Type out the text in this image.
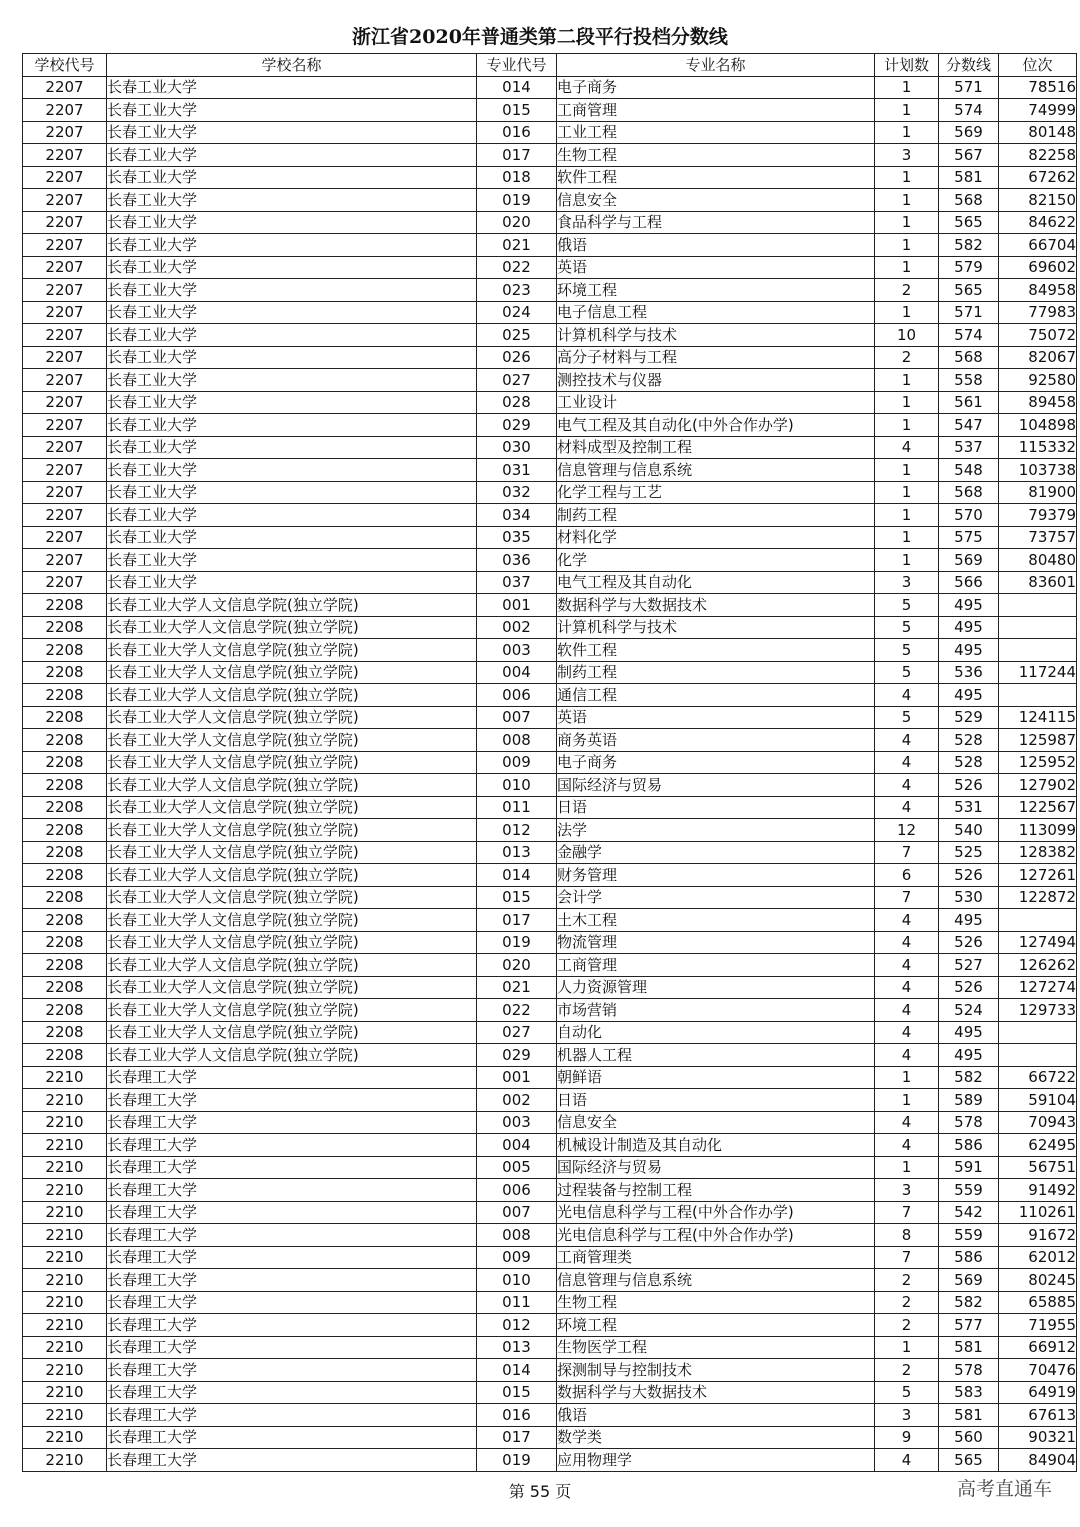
浙江省2020年普通类第二段平行投档分数线
学校代号	学校名称	专业代号	专业名称	计划数	分数线	位次
2207	长春工业大学	014	电子商务	1	571	78516
2207	长春工业大学	015	工商管理	1	574	74999
2207	长春工业大学	016	工业工程	1	569	80148
2207	长春工业大学	017	生物工程	3	567	82258
2207	长春工业大学	018	软件工程	1	581	67262
2207	长春工业大学	019	信息安全	1	568	82150
2207	长春工业大学	020	食品科学与工程	1	565	84622
2207	长春工业大学	021	俄语	1	582	66704
2207	长春工业大学	022	英语	1	579	69602
2207	长春工业大学	023	环境工程	2	565	84958
2207	长春工业大学	024	电子信息工程	1	571	77983
2207	长春工业大学	025	计算机科学与技术	10	574	75072
2207	长春工业大学	026	高分子材料与工程	2	568	82067
2207	长春工业大学	027	测控技术与仪器	1	558	92580
2207	长春工业大学	028	工业设计	1	561	89458
2207	长春工业大学	029	电气工程及其自动化(中外合作办学)	1	547	104898
2207	长春工业大学	030	材料成型及控制工程	4	537	115332
2207	长春工业大学	031	信息管理与信息系统	1	548	103738
2207	长春工业大学	032	化学工程与工艺	1	568	81900
2207	长春工业大学	034	制药工程	1	570	79379
2207	长春工业大学	035	材料化学	1	575	73757
2207	长春工业大学	036	化学	1	569	80480
2207	长春工业大学	037	电气工程及其自动化	3	566	83601
2208	长春工业大学人文信息学院(独立学院)	001	数据科学与大数据技术	5	495	
2208	长春工业大学人文信息学院(独立学院)	002	计算机科学与技术	5	495	
2208	长春工业大学人文信息学院(独立学院)	003	软件工程	5	495	
2208	长春工业大学人文信息学院(独立学院)	004	制药工程	5	536	117244
2208	长春工业大学人文信息学院(独立学院)	006	通信工程	4	495	
2208	长春工业大学人文信息学院(独立学院)	007	英语	5	529	124115
2208	长春工业大学人文信息学院(独立学院)	008	商务英语	4	528	125987
2208	长春工业大学人文信息学院(独立学院)	009	电子商务	4	528	125952
2208	长春工业大学人文信息学院(独立学院)	010	国际经济与贸易	4	526	127902
2208	长春工业大学人文信息学院(独立学院)	011	日语	4	531	122567
2208	长春工业大学人文信息学院(独立学院)	012	法学	12	540	113099
2208	长春工业大学人文信息学院(独立学院)	013	金融学	7	525	128382
2208	长春工业大学人文信息学院(独立学院)	014	财务管理	6	526	127261
2208	长春工业大学人文信息学院(独立学院)	015	会计学	7	530	122872
2208	长春工业大学人文信息学院(独立学院)	017	土木工程	4	495	
2208	长春工业大学人文信息学院(独立学院)	019	物流管理	4	526	127494
2208	长春工业大学人文信息学院(独立学院)	020	工商管理	4	527	126262
2208	长春工业大学人文信息学院(独立学院)	021	人力资源管理	4	526	127274
2208	长春工业大学人文信息学院(独立学院)	022	市场营销	4	524	129733
2208	长春工业大学人文信息学院(独立学院)	027	自动化	4	495	
2208	长春工业大学人文信息学院(独立学院)	029	机器人工程	4	495	
2210	长春理工大学	001	朝鲜语	1	582	66722
2210	长春理工大学	002	日语	1	589	59104
2210	长春理工大学	003	信息安全	4	578	70943
2210	长春理工大学	004	机械设计制造及其自动化	4	586	62495
2210	长春理工大学	005	国际经济与贸易	1	591	56751
2210	长春理工大学	006	过程装备与控制工程	3	559	91492
2210	长春理工大学	007	光电信息科学与工程(中外合作办学)	7	542	110261
2210	长春理工大学	008	光电信息科学与工程(中外合作办学)	8	559	91672
2210	长春理工大学	009	工商管理类	7	586	62012
2210	长春理工大学	010	信息管理与信息系统	2	569	80245
2210	长春理工大学	011	生物工程	2	582	65885
2210	长春理工大学	012	环境工程	2	577	71955
2210	长春理工大学	013	生物医学工程	1	581	66912
2210	长春理工大学	014	探测制导与控制技术	2	578	70476
2210	长春理工大学	015	数据科学与大数据技术	5	583	64919
2210	长春理工大学	016	俄语	3	581	67613
2210	长春理工大学	017	数学类	9	560	90321
2210	长春理工大学	019	应用物理学	4	565	84904
第 55 页	高考直通车
